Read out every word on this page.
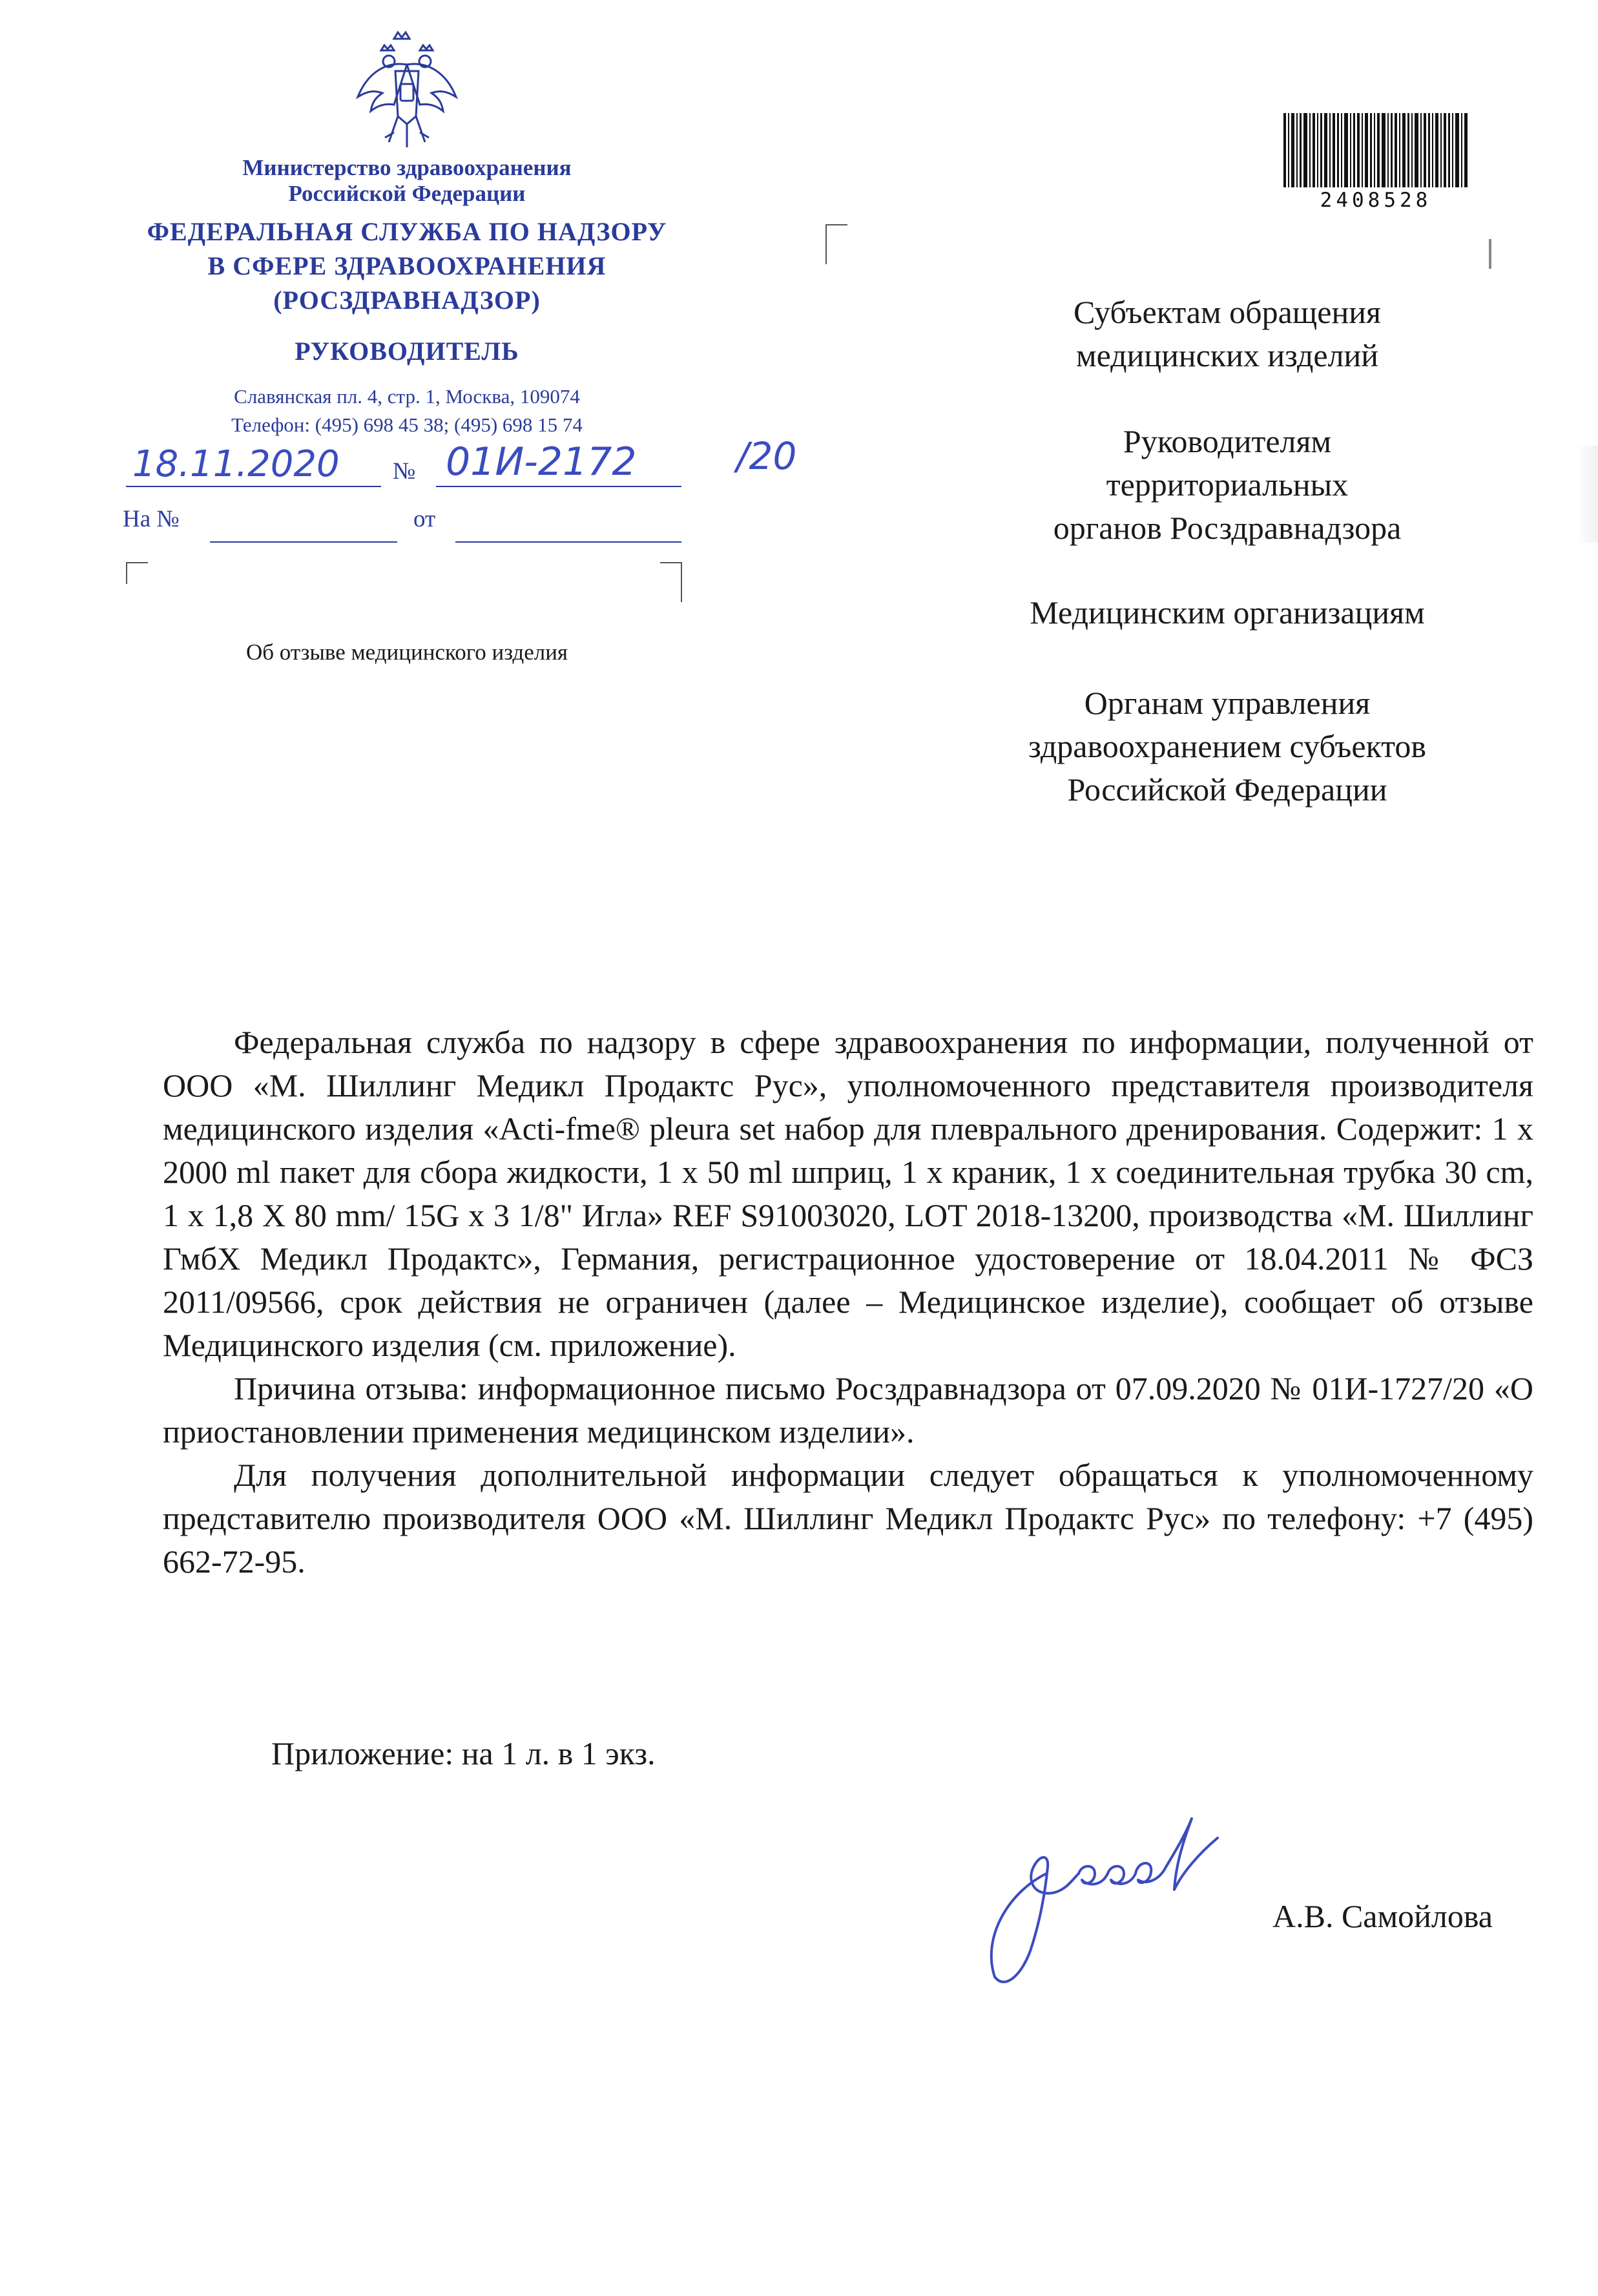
Министерство здравоохранения
Российской Федерации
ФЕДЕРАЛЬНАЯ СЛУЖБА ПО НАДЗОРУ
В СФЕРЕ ЗДРАВООХРАНЕНИЯ
(РОСЗДРАВНАДЗОР)
РУКОВОДИТЕЛЬ
Славянская пл. 4, стр. 1, Москва, 109074
Телефон: (495) 698 45 38; (495) 698 15 74
18.11.2020 № 01И-2172	/20
На №	от
Об отзыве медицинского изделия
2408528
Субъектам обращения
медицинских изделий
Руководителям
территориальных
органов Росздравнадзора
Медицинским организациям
Органам управления
здравоохранением субъектов
Российской Федерации

Федеральная служба по надзору в сфере здравоохранения по информации, полученной от ООО «М. Шиллинг Медикл Продактс Рус», уполномоченного представителя производителя медицинского изделия «Acti-fme® pleura set набор для плеврального дренирования. Содержит: 1 x 2000 ml пакет для сбора жидкости, 1 x 50 ml шприц, 1 x краник, 1 x соединительная трубка 30 cm, 1 x 1,8 X 80 mm/ 15G x 3 1/8" Игла» REF S91003020, LOT 2018-13200, производства «М. Шиллинг ГмбХ Медикл Продактс», Германия, регистрационное удостоверение от 18.04.2011 № ФСЗ 2011/09566, срок действия не ограничен (далее – Медицинское изделие), сообщает об отзыве Медицинского изделия (см. приложение).

Причина отзыва: информационное письмо Росздравнадзора от 07.09.2020 № 01И-1727/20 «О приостановлении применения медицинском изделии».

Для получения дополнительной информации следует обращаться к уполномоченному представителю производителя ООО «М. Шиллинг Медикл Продактс Рус» по телефону: +7 (495) 662-72-95.

Приложение: на 1 л. в 1 экз.
А.В. Самойлова
